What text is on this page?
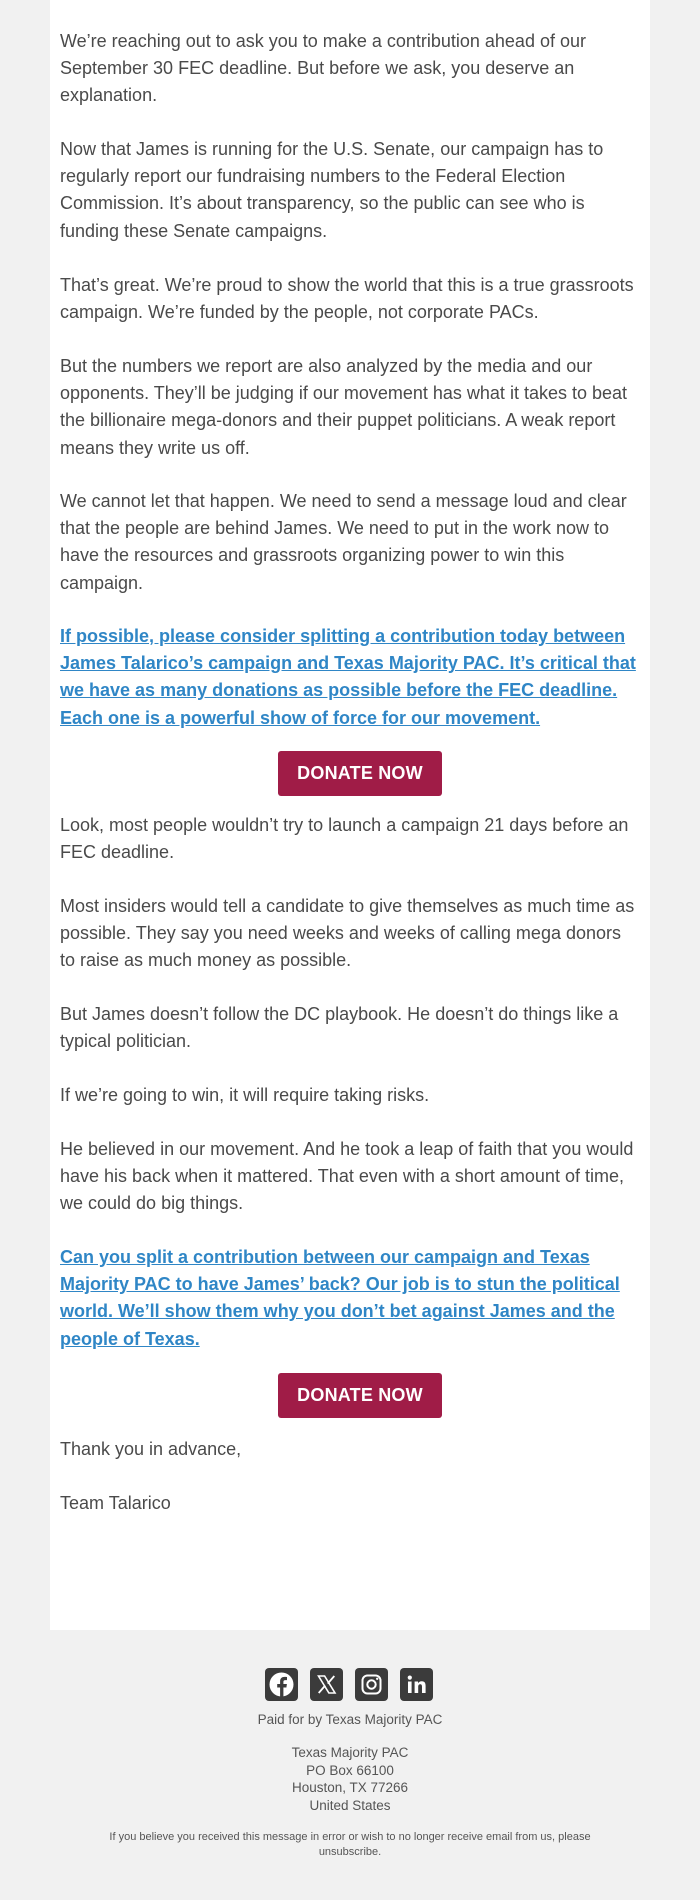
We’re reaching out to ask you to make a contribution ahead of our September 30 FEC deadline. But before we ask, you deserve an explanation.

Now that James is running for the U.S. Senate, our campaign has to regularly report our fundraising numbers to the Federal Election Commission. It’s about transparency, so the public can see who is funding these Senate campaigns.

That’s great. We’re proud to show the world that this is a true grassroots campaign. We’re funded by the people, not corporate PACs.

But the numbers we report are also analyzed by the media and our opponents. They’ll be judging if our movement has what it takes to beat the billionaire mega-donors and their puppet politicians. A weak report means they write us off.

We cannot let that happen. We need to send a message loud and clear that the people are behind James. We need to put in the work now to have the resources and grassroots organizing power to win this campaign.

If possible, please consider splitting a contribution today between James Talarico’s campaign and Texas Majority PAC. It’s critical that we have as many donations as possible before the FEC deadline. Each one is a powerful show of force for our movement.

DONATE NOW

Look, most people wouldn’t try to launch a campaign 21 days before an FEC deadline.

Most insiders would tell a candidate to give themselves as much time as possible. They say you need weeks and weeks of calling mega donors to raise as much money as possible.

But James doesn’t follow the DC playbook. He doesn’t do things like a typical politician.

If we’re going to win, it will require taking risks.

He believed in our movement. And he took a leap of faith that you would have his back when it mattered. That even with a short amount of time, we could do big things.

Can you split a contribution between our campaign and Texas Majority PAC to have James’ back? Our job is to stun the political world. We’ll show them why you don’t bet against James and the people of Texas.

DONATE NOW

Thank you in advance,

Team Talarico

Paid for by Texas Majority PAC
Texas Majority PAC
PO Box 66100
Houston, TX 77266
United States
If you believe you received this message in error or wish to no longer receive email from us, please unsubscribe.
